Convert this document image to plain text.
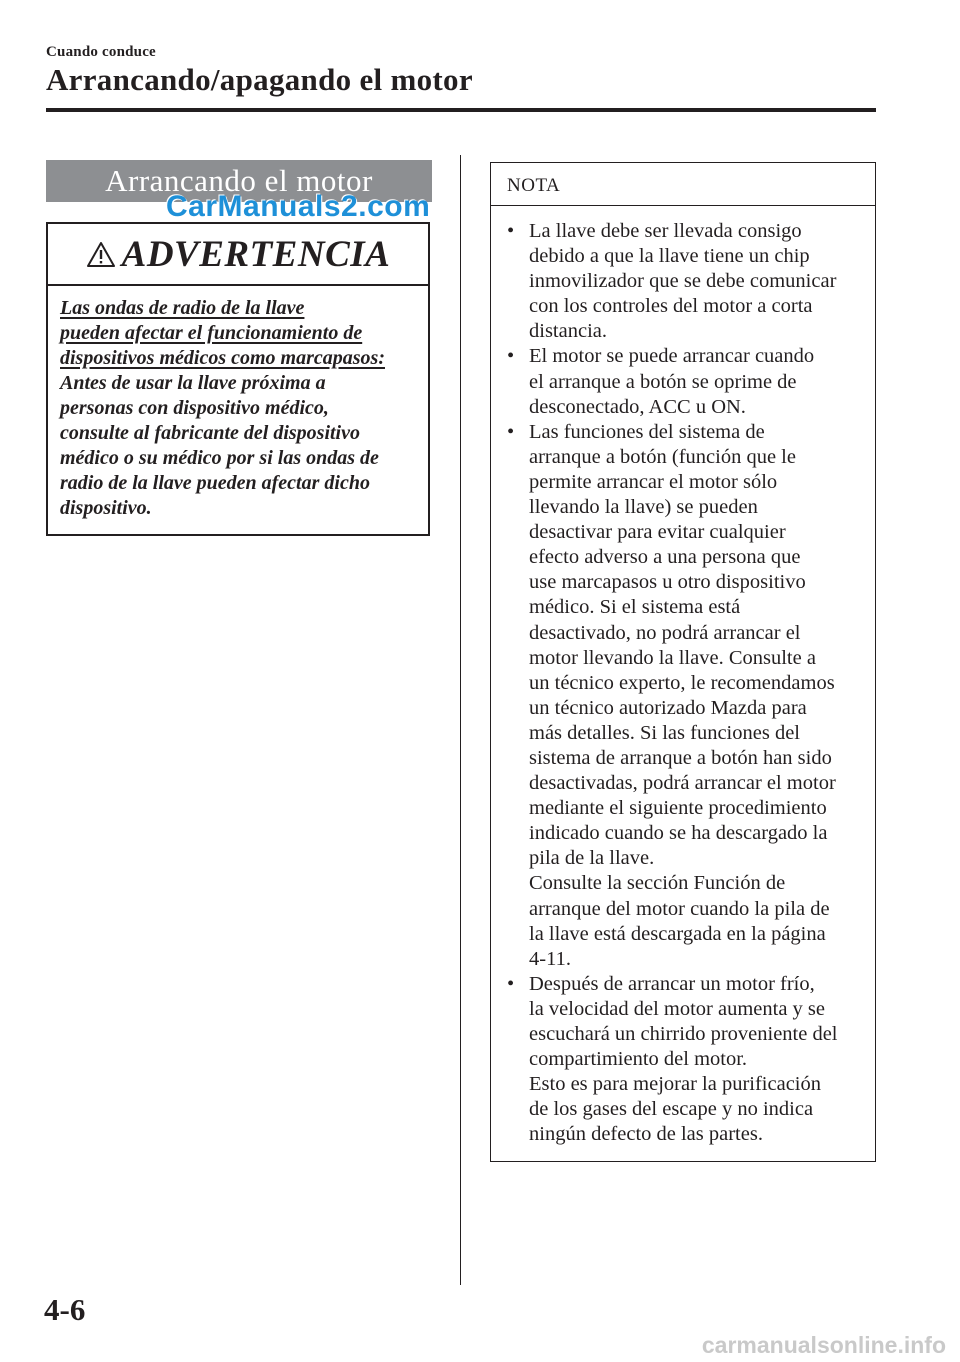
Cuando conduce
Arrancando/apagando el motor
Arrancando el motor
CarManuals2.com
ADVERTENCIA
Las ondas de radio de la llave
pueden afectar el funcionamiento de
dispositivos médicos como marcapasos:
Antes de usar la llave próxima a
personas con dispositivo médico,
consulte al fabricante del dispositivo
médico o su médico por si las ondas de
radio de la llave pueden afectar dicho
dispositivo.
NOTA
• La llave debe ser llevada consigo
debido a que la llave tiene un chip
inmovilizador que se debe comunicar
con los controles del motor a corta
distancia.
• El motor se puede arrancar cuando
el arranque a botón se oprime de
desconectado, ACC u ON.
• Las funciones del sistema de
arranque a botón (función que le
permite arrancar el motor sólo
llevando la llave) se pueden
desactivar para evitar cualquier
efecto adverso a una persona que
use marcapasos u otro dispositivo
médico. Si el sistema está
desactivado, no podrá arrancar el
motor llevando la llave. Consulte a
un técnico experto, le recomendamos
un técnico autorizado Mazda para
más detalles. Si las funciones del
sistema de arranque a botón han sido
desactivadas, podrá arrancar el motor
mediante el siguiente procedimiento
indicado cuando se ha descargado la
pila de la llave.
Consulte la sección Función de
arranque del motor cuando la pila de
la llave está descargada en la página
4-11.
• Después de arrancar un motor frío,
la velocidad del motor aumenta y se
escuchará un chirrido proveniente del
compartimiento del motor.
Esto es para mejorar la purificación
de los gases del escape y no indica
ningún defecto de las partes.
4-6
carmanualsonline.info
